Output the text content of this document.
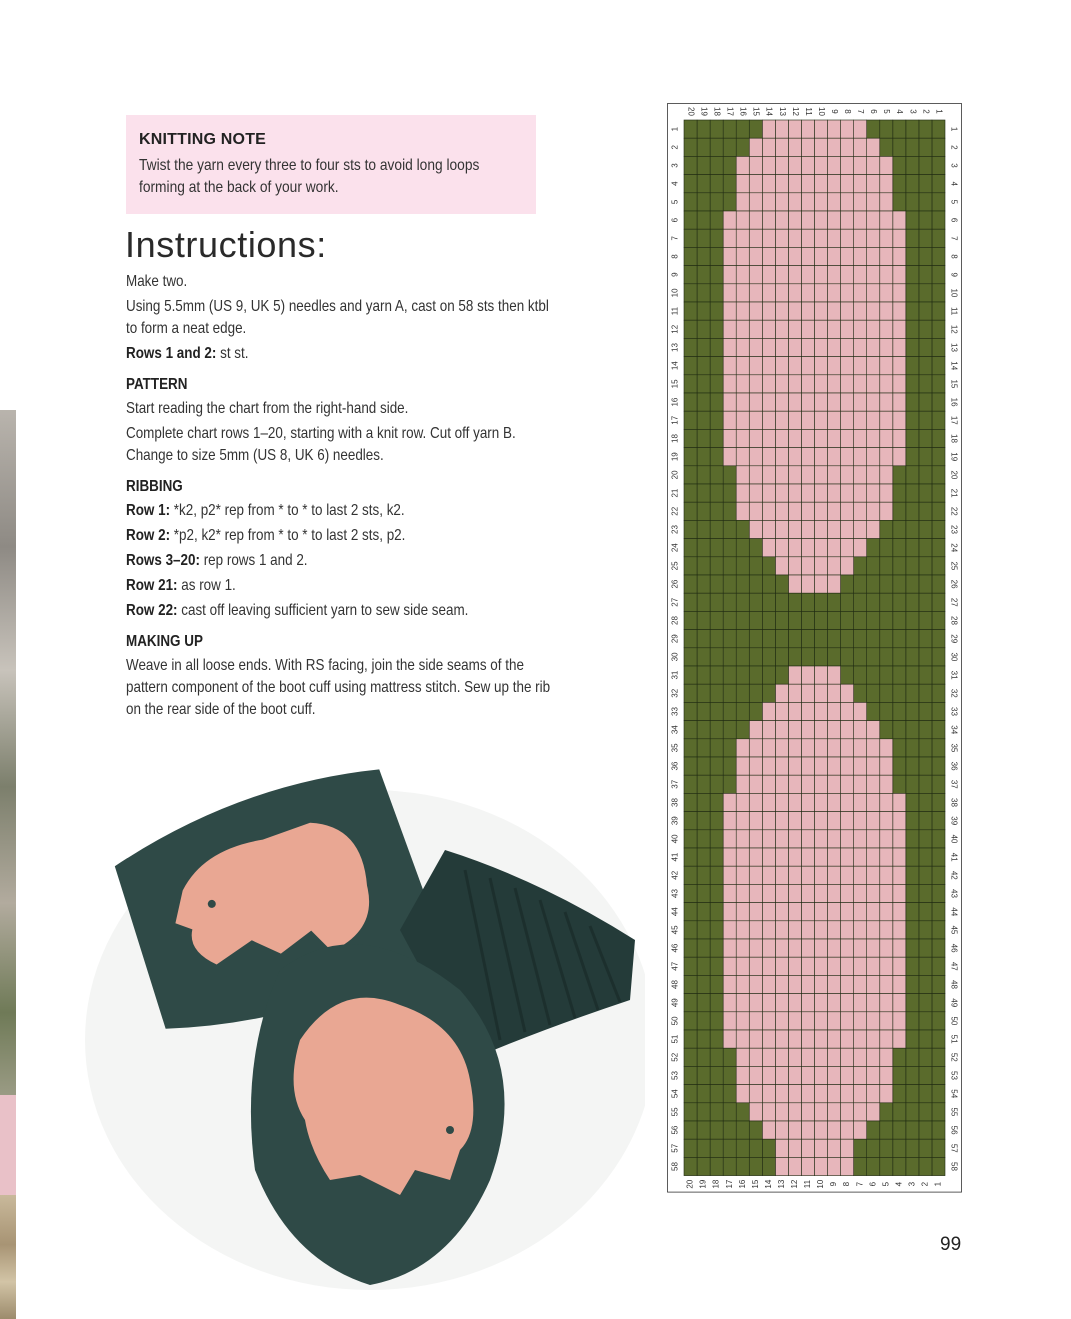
KNITTING NOTE
Twist the yarn every three to four sts to avoid long loops forming at the back of your work.
Instructions:
Make two.
Using 5.5mm (US 9, UK 5) needles and yarn A, cast on 58 sts then ktbl to form a neat edge.
Rows 1 and 2: st st.
PATTERN
Start reading the chart from the right-hand side.
Complete chart rows 1–20, starting with a knit row. Cut off yarn B. Change to size 5mm (US 8, UK 6) needles.
RIBBING
Row 1: *k2, p2* rep from * to * to last 2 sts, k2.
Row 2: *p2, k2* rep from * to * to last 2 sts, p2.
Rows 3–20: rep rows 1 and 2.
Row 21: as row 1.
Row 22: cast off leaving sufficient yarn to sew side seam.
MAKING UP
Weave in all loose ends. With RS facing, join the side seams of the pattern component of the boot cuff using mattress stitch. Sew up the rib on the rear side of the boot cuff.
1
1
2
2
3
3
4
4
5
5
6
6
7
7
8
8
9
9
10
10
11
11
12
12
13
13
14
14
15
15
16
16
17
17
18
18
19
19
20
20
1	1
2	2
3	3
4	4
5	5
6	6
7	7
8	8
9	9
10	10
11	11
12	12
13	13
14	14
15	15
16	16
17	17
18	18
19	19
20	20
21	21
22	22
23	23
24	24
25	25
26	26
27	27
28	28
29	29
30	30
31	31
32	32
33	33
34	34
35	35
36	36
37	37
38	38
39	39
40	40
41	41
42	42
43	43
44	44
45	45
46	46
47	47
48	48
49	49
50	50
51	51
52	52
53	53
54	54
55	55
56	56
57	57
58	58
99
